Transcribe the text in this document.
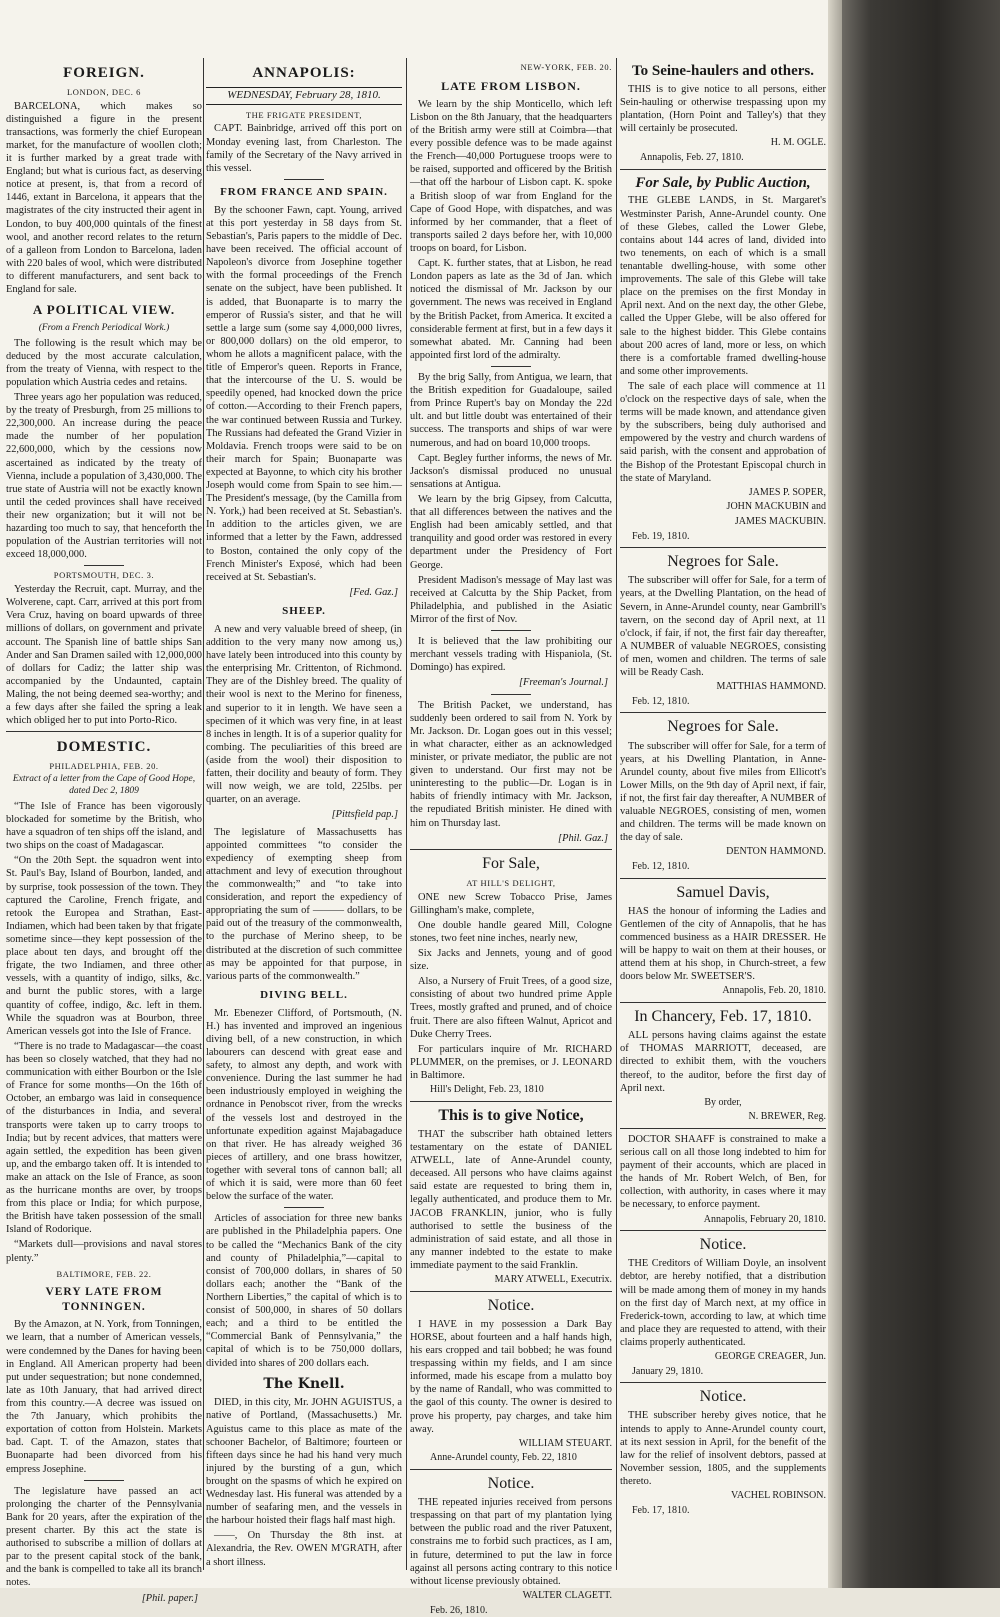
FOREIGN.
LONDON, DEC. 6

BARCELONA, which makes so distinguished a figure in the present transactions, was formerly the chief European market, for the manufacture of woollen cloth; it is further marked by a great trade with England; but what is curious fact, as deserving notice at present, is, that from a record of 1446, extant in Barcelona, it appears that the magistrates of the city instructed their agent in London, to buy 400,000 quintals of the finest wool, and another record relates to the return of a galleon from London to Barcelona, laden with 220 bales of wool, which were distributed to different manufacturers, and sent back to England for sale.

A POLITICAL VIEW.
(From a French Periodical Work.)

The following is the result which may be deduced by the most accurate calculation, from the treaty of Vienna, with respect to the population which Austria cedes and retains.

Three years ago her population was reduced, by the treaty of Presburgh, from 25 millions to 22,300,000. An increase during the peace made the number of her population 22,600,000, which by the cessions now ascertained as indicated by the treaty of Vienna, include a population of 3,430,000. The true state of Austria will not be exactly known until the ceded provinces shall have received their new organization; but it will not be hazarding too much to say, that henceforth the population of the Austrian territories will not exceed 18,000,000.

PORTSMOUTH, DEC. 3.

Yesterday the Recruit, capt. Murray, and the Wolverene, capt. Carr, arrived at this port from Vera Cruz, having on board upwards of three millions of dollars, on government and private account. The Spanish line of battle ships San Ander and San Dramen sailed with 12,000,000 of dollars for Cadiz; the latter ship was accompanied by the Undaunted, captain Maling, the not being deemed sea-worthy; and a few days after she failed the spring a leak which obliged her to put into Porto-Rico.

DOMESTIC.
PHILADELPHIA, FEB. 20.
Extract of a letter from the Cape of Good Hope, dated Dec 2, 1809

“The Isle of France has been vigorously blockaded for sometime by the British, who have a squadron of ten ships off the island, and two ships on the coast of Madagascar.

“On the 20th Sept. the squadron went into St. Paul's Bay, Island of Bourbon, landed, and by surprise, took possession of the town. They captured the Caroline, French frigate, and retook the Europea and Strathan, East-Indiamen, which had been taken by that frigate sometime since—they kept possession of the place about ten days, and brought off the frigate, the two Indiamen, and three other vessels, with a quantity of indigo, silks, &c. and burnt the public stores, with a large quantity of coffee, indigo, &c. left in them. While the squadron was at Bourbon, three American vessels got into the Isle of France.

“There is no trade to Madagascar—the coast has been so closely watched, that they had no communication with either Bourbon or the Isle of France for some months—On the 16th of October, an embargo was laid in consequence of the disturbances in India, and several transports were taken up to carry troops to India; but by recent advices, that matters were again settled, the expedition has been given up, and the embargo taken off. It is intended to make an attack on the Isle of France, as soon as the hurricane months are over, by troops from this place or India; for which purpose, the British have taken possession of the small Island of Rodorique.

“Markets dull—provisions and naval stores plenty.”

BALTIMORE, FEB. 22.
VERY LATE FROM TONNINGEN.

By the Amazon, at N. York, from Tonningen, we learn, that a number of American vessels, were condemned by the Danes for having been in England. All American property had been put under sequestration; but none condemned, late as 10th January, that had arrived direct from this country.—A decree was issued on the 7th January, which prohibits the exportation of cotton from Holstein. Markets bad. Capt. T. of the Amazon, states that Buonaparte had been divorced from his empress Josephine.

The legislature have passed an act prolonging the charter of the Pennsylvania Bank for 20 years, after the expiration of the present charter. By this act the state is authorised to subscribe a million of dollars at par to the present capital stock of the bank, and the bank is compelled to take all its branch notes.

[Phil. paper.]
ANNAPOLIS:
WEDNESDAY, February 28, 1810.
THE FRIGATE PRESIDENT,

CAPT. Bainbridge, arrived off this port on Monday evening last, from Charleston. The family of the Secretary of the Navy arrived in this vessel.

FROM FRANCE AND SPAIN.

By the schooner Fawn, capt. Young, arrived at this port yesterday in 58 days from St. Sebastian's, Paris papers to the middle of Dec. have been received. The official account of Napoleon's divorce from Josephine together with the formal proceedings of the French senate on the subject, have been published. It is added, that Buonaparte is to marry the emperor of Russia's sister, and that he will settle a large sum (some say 4,000,000 livres, or 800,000 dollars) on the old emperor, to whom he allots a magnificent palace, with the title of Emperor's queen. Reports in France, that the intercourse of the U. S. would be speedily opened, had knocked down the price of cotton.—According to their French papers, the war continued between Russia and Turkey. The Russians had defeated the Grand Vizier in Moldavia. French troops were said to be on their march for Spain; Buonaparte was expected at Bayonne, to which city his brother Joseph would come from Spain to see him.—The President's message, (by the Camilla from N. York,) had been received at St. Sebastian's. In addition to the articles given, we are informed that a letter by the Fawn, addressed to Boston, contained the only copy of the French Minister's Exposé, which had been received at St. Sebastian's.

[Fed. Gaz.]
SHEEP.

A new and very valuable breed of sheep, (in addition to the very many now among us,) have lately been introduced into this county by the enterprising Mr. Crittenton, of Richmond. They are of the Dishley breed. The quality of their wool is next to the Merino for fineness, and superior to it in length. We have seen a specimen of it which was very fine, in at least 8 inches in length. It is of a superior quality for combing. The peculiarities of this breed are (aside from the wool) their disposition to fatten, their docility and beauty of form. They will now weigh, we are told, 225lbs. per quarter, on an average.

[Pittsfield pap.]

The legislature of Massachusetts has appointed committees “to consider the expediency of exempting sheep from attachment and levy of execution throughout the commonwealth;” and “to take into consideration, and report the expediency of appropriating the sum of ——— dollars, to be paid out of the treasury of the commonwealth, to the purchase of Merino sheep, to be distributed at the discretion of such committee as may be appointed for that purpose, in various parts of the commonwealth.”

DIVING BELL.

Mr. Ebenezer Clifford, of Portsmouth, (N. H.) has invented and improved an ingenious diving bell, of a new construction, in which labourers can descend with great ease and safety, to almost any depth, and work with convenience. During the last summer he had been industriously employed in weighing the ordnance in Penobscot river, from the wrecks of the vessels lost and destroyed in the unfortunate expedition against Majabagaduce on that river. He has already weighed 36 pieces of artillery, and one brass howitzer, together with several tons of cannon ball; all of which it is said, were more than 60 feet below the surface of the water.

Articles of association for three new banks are published in the Philadelphia papers. One to be called the “Mechanics Bank of the city and county of Philadelphia,”—capital to consist of 700,000 dollars, in shares of 50 dollars each; another the “Bank of the Northern Liberties,” the capital of which is to consist of 500,000, in shares of 50 dollars each; and a third to be entitled the “Commercial Bank of Pennsylvania,” the capital of which is to be 750,000 dollars, divided into shares of 200 dollars each.

The Knell.

DIED, in this city, Mr. JOHN AGUISTUS, a native of Portland, (Massachusetts.) Mr. Aguistus came to this place as mate of the schooner Bachelor, of Baltimore; fourteen or fifteen days since he had his hand very much injured by the bursting of a gun, which brought on the spasms of which he expired on Wednesday last. His funeral was attended by a number of seafaring men, and the vessels in the harbour hoisted their flags half mast high.

——, On Thursday the 8th inst. at Alexandria, the Rev. OWEN M'GRATH, after a short illness.

NEW-YORK, FEB. 20.
LATE FROM LISBON.

We learn by the ship Monticello, which left Lisbon on the 8th January, that the headquarters of the British army were still at Coimbra—that every possible defence was to be made against the French—40,000 Portuguese troops were to be raised, supported and officered by the British—that off the harbour of Lisbon capt. K. spoke a British sloop of war from England for the Cape of Good Hope, with dispatches, and was informed by her commander, that a fleet of transports sailed 2 days before her, with 10,000 troops on board, for Lisbon.

Capt. K. further states, that at Lisbon, he read London papers as late as the 3d of Jan. which noticed the dismissal of Mr. Jackson by our government. The news was received in England by the British Packet, from America. It excited a considerable ferment at first, but in a few days it somewhat abated. Mr. Canning had been appointed first lord of the admiralty.

By the brig Sally, from Antigua, we learn, that the British expedition for Guadaloupe, sailed from Prince Rupert's bay on Monday the 22d ult. and but little doubt was entertained of their success. The transports and ships of war were numerous, and had on board 10,000 troops.

Capt. Begley further informs, the news of Mr. Jackson's dismissal produced no unusual sensations at Antigua.

We learn by the brig Gipsey, from Calcutta, that all differences between the natives and the English had been amicably settled, and that tranquility and good order was restored in every department under the Presidency of Fort George.

President Madison's message of May last was received at Calcutta by the Ship Packet, from Philadelphia, and published in the Asiatic Mirror of the first of Nov.

It is believed that the law prohibiting our merchant vessels trading with Hispaniola, (St. Domingo) has expired.

[Freeman's Journal.]

The British Packet, we understand, has suddenly been ordered to sail from N. York by Mr. Jackson. Dr. Logan goes out in this vessel; in what character, either as an acknowledged minister, or private mediator, the public are not given to understand. Our first may not be uninteresting to the public—Dr. Logan is in habits of friendly intimacy with Mr. Jackson, the repudiated British minister. He dined with him on Thursday last.

[Phil. Gaz.]
For Sale,
AT HILL'S DELIGHT,

ONE new Screw Tobacco Prise, James Gillingham's make, complete,

One double handle geared Mill, Cologne stones, two feet nine inches, nearly new,

Six Jacks and Jennets, young and of good size.

Also, a Nursery of Fruit Trees, of a good size, consisting of about two hundred prime Apple Trees, mostly grafted and pruned, and of choice fruit. There are also fifteen Walnut, Apricot and Duke Cherry Trees.

For particulars inquire of Mr. RICHARD PLUMMER, on the premises, or J. LEONARD in Baltimore.

Hill's Delight, Feb. 23, 1810
This is to give Notice,

THAT the subscriber hath obtained letters testamentary on the estate of DANIEL ATWELL, late of Anne-Arundel county, deceased. All persons who have claims against said estate are requested to bring them in, legally authenticated, and produce them to Mr. JACOB FRANKLIN, junior, who is fully authorised to settle the business of the administration of said estate, and all those in any manner indebted to the estate to make immediate payment to the said Franklin.

MARY ATWELL, Executrix.
Notice.

I HAVE in my possession a Dark Bay HORSE, about fourteen and a half hands high, his ears cropped and tail bobbed; he was found trespassing within my fields, and I am since informed, made his escape from a mulatto boy by the name of Randall, who was committed to the gaol of this county. The owner is desired to prove his property, pay charges, and take him away.

WILLIAM STEUART.
Anne-Arundel county, Feb. 22, 1810
Notice.

THE repeated injuries received from persons trespassing on that part of my plantation lying between the public road and the river Patuxent, constrains me to forbid such practices, as I am, in future, determined to put the law in force against all persons acting contrary to this notice without license previously obtained.

WALTER CLAGETT.
Feb. 26, 1810.
To Seine-haulers and others.

THIS is to give notice to all persons, either Sein-hauling or otherwise trespassing upon my plantation, (Horn Point and Talley's) that they will certainly be prosecuted.

H. M. OGLE.
Annapolis, Feb. 27, 1810.
For Sale, by Public Auction,

THE GLEBE LANDS, in St. Margaret's Westminster Parish, Anne-Arundel county. One of these Glebes, called the Lower Glebe, contains about 144 acres of land, divided into two tenements, on each of which is a small tenantable dwelling-house, with some other improvements. The sale of this Glebe will take place on the premises on the first Monday in April next. And on the next day, the other Glebe, called the Upper Glebe, will be also offered for sale to the highest bidder. This Glebe contains about 200 acres of land, more or less, on which there is a comfortable framed dwelling-house and some other improvements.

The sale of each place will commence at 11 o'clock on the respective days of sale, when the terms will be made known, and attendance given by the subscribers, being duly authorised and empowered by the vestry and church wardens of said parish, with the consent and approbation of the Bishop of the Protestant Episcopal church in the state of Maryland.

JAMES P. SOPER,
JOHN MACKUBIN and
JAMES MACKUBIN.
Feb. 19, 1810.
Negroes for Sale.

The subscriber will offer for Sale, for a term of years, at the Dwelling Plantation, on the head of Severn, in Anne-Arundel county, near Gambrill's tavern, on the second day of April next, at 11 o'clock, if fair, if not, the first fair day thereafter, A NUMBER of valuable NEGROES, consisting of men, women and children. The terms of sale will be Ready Cash.

MATTHIAS HAMMOND.
Feb. 12, 1810.
Negroes for Sale.

The subscriber will offer for Sale, for a term of years, at his Dwelling Plantation, in Anne-Arundel county, about five miles from Ellicott's Lower Mills, on the 9th day of April next, if fair, if not, the first fair day thereafter, A NUMBER of valuable NEGROES, consisting of men, women and children. The terms will be made known on the day of sale.

DENTON HAMMOND.
Feb. 12, 1810.
Samuel Davis,

HAS the honour of informing the Ladies and Gentlemen of the city of Annapolis, that he has commenced business as a HAIR DRESSER. He will be happy to wait on them at their houses, or attend them at his shop, in Church-street, a few doors below Mr. SWEETSER'S.

Annapolis, Feb. 20, 1810.
In Chancery, Feb. 17, 1810.

ALL persons having claims against the estate of THOMAS MARRIOTT, deceased, are directed to exhibit them, with the vouchers thereof, to the auditor, before the first day of April next.

By order,
N. BREWER, Reg.

DOCTOR SHAAFF is constrained to make a serious call on all those long indebted to him for payment of their accounts, which are placed in the hands of Mr. Robert Welch, of Ben, for collection, with authority, in cases where it may be necessary, to enforce payment.

Annapolis, February 20, 1810.
Notice.

THE Creditors of William Doyle, an insolvent debtor, are hereby notified, that a distribution will be made among them of money in my hands on the first day of March next, at my office in Frederick-town, according to law, at which time and place they are requested to attend, with their claims properly authenticated.

GEORGE CREAGER, Jun.
January 29, 1810.
Notice.

THE subscriber hereby gives notice, that he intends to apply to Anne-Arundel county court, at its next session in April, for the benefit of the law for the relief of insolvent debtors, passed at November session, 1805, and the supplements thereto.

VACHEL ROBINSON.
Feb. 17, 1810.
